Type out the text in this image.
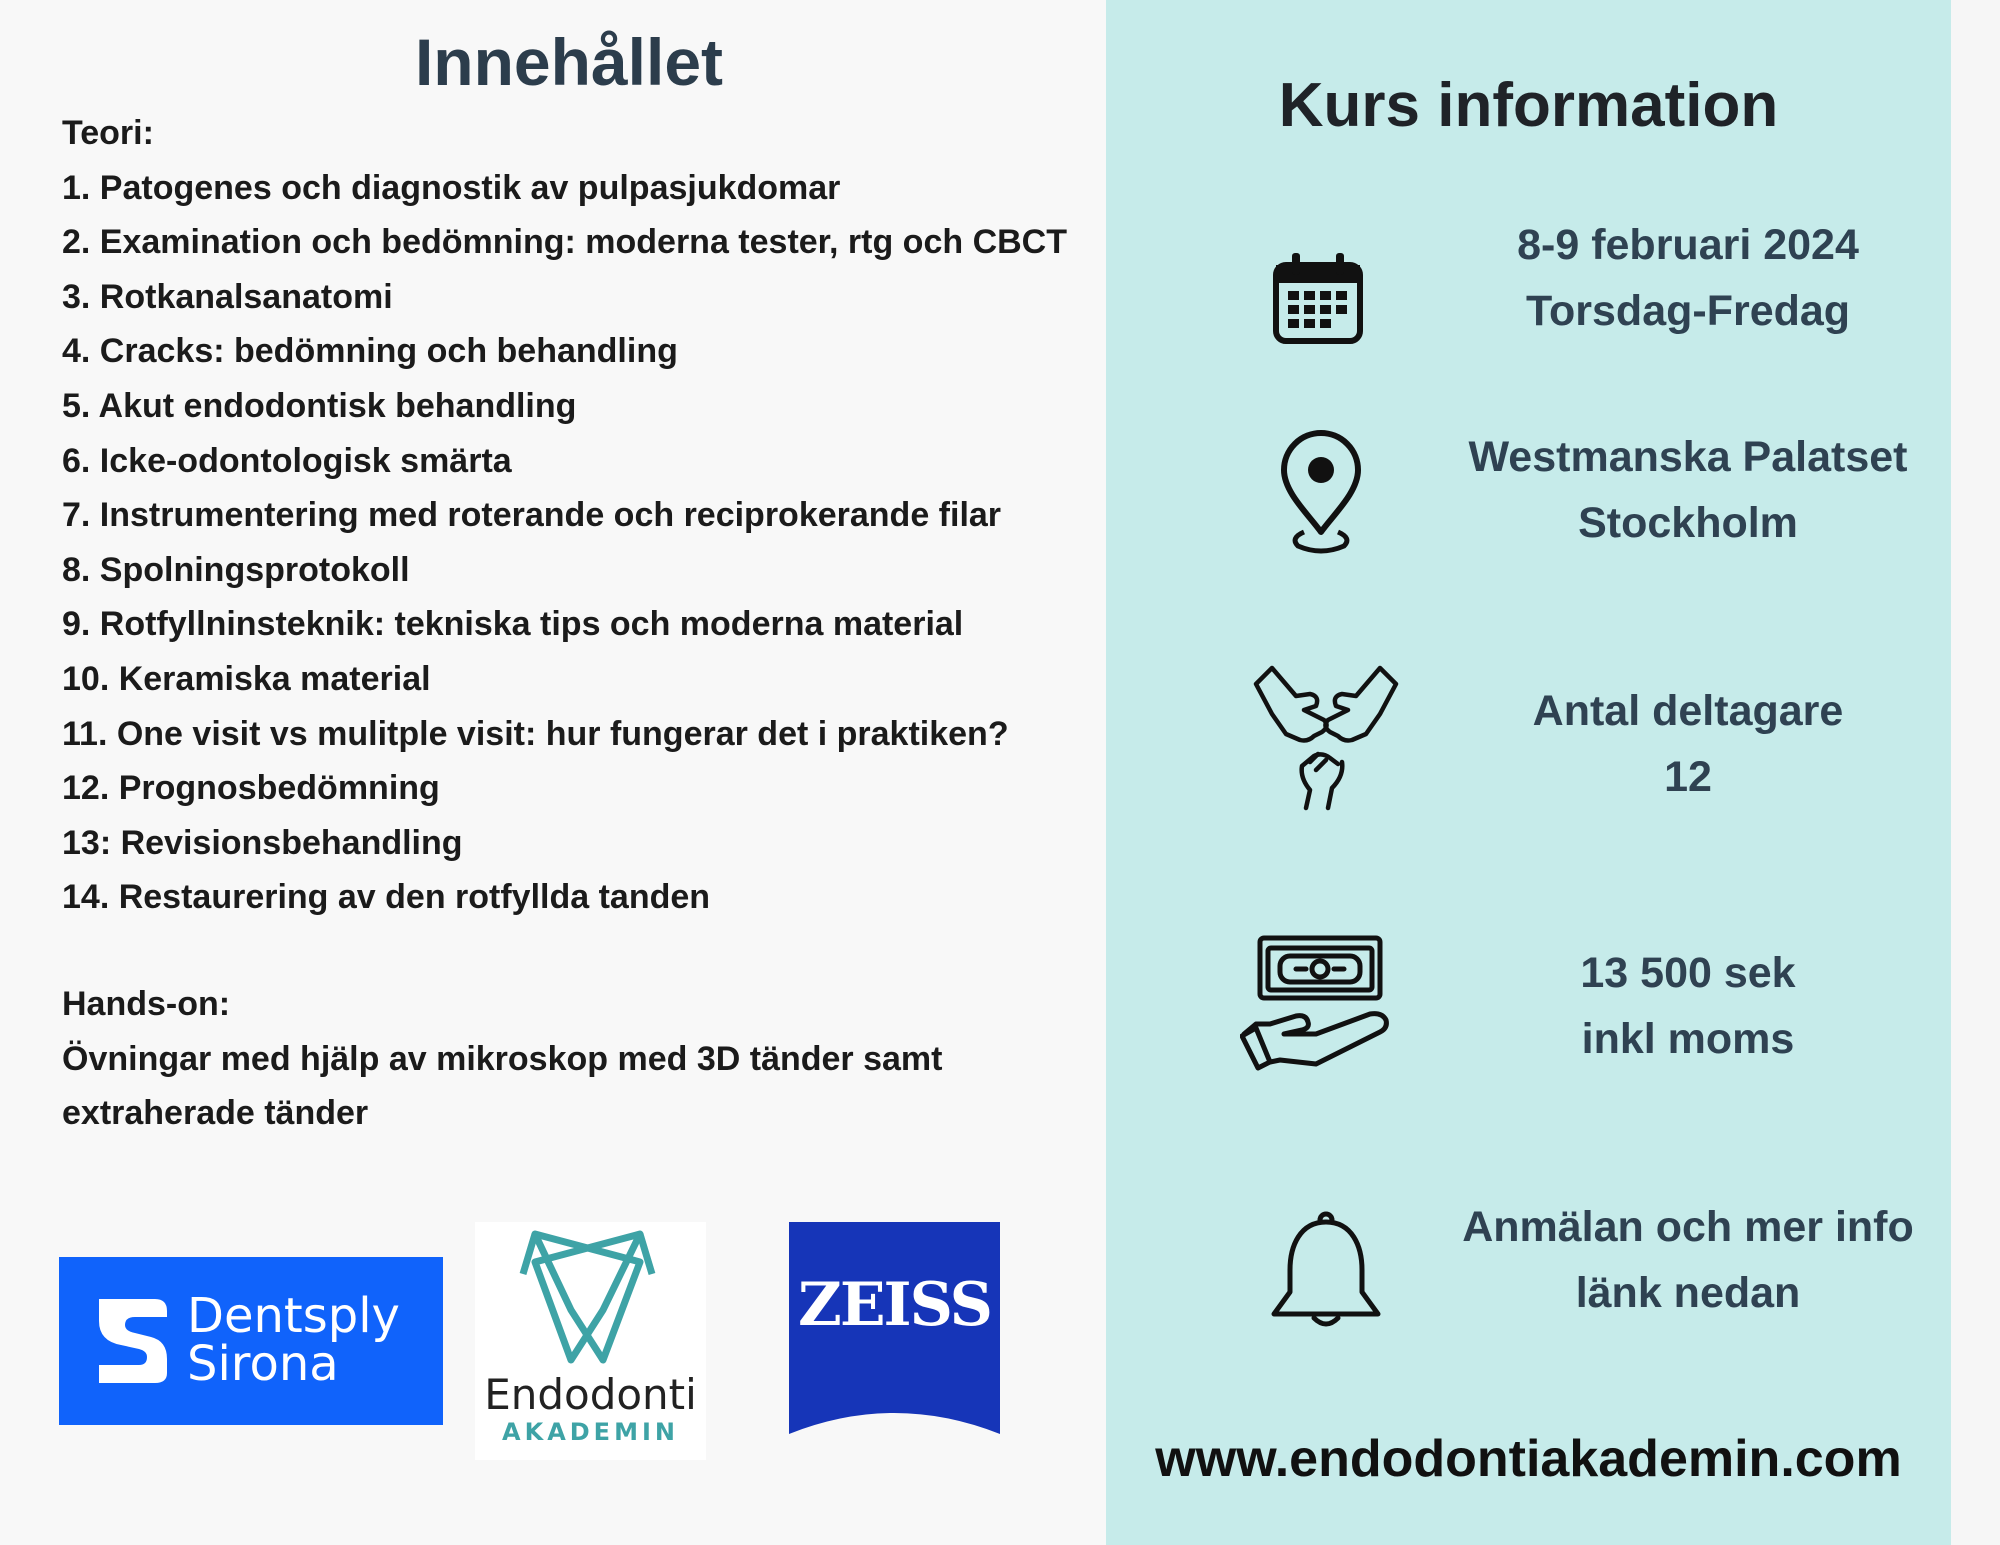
Innehållet
Teori:
1. Patogenes och diagnostik av pulpasjukdomar
2. Examination och bedömning: moderna tester, rtg och CBCT
3. Rotkanalsanatomi
4. Cracks: bedömning och behandling
5. Akut endodontisk behandling
6. Icke-odontologisk smärta
7. Instrumentering med roterande och reciprokerande filar
8. Spolningsprotokoll
9. Rotfyllninsteknik: tekniska tips och moderna material
10. Keramiska material
11. One visit vs mulitple visit: hur fungerar det i praktiken?
12. Prognosbedömning
13: Revisionsbehandling
14. Restaurering av den rotfyllda tanden
Hands-on:
Övningar med hjälp av mikroskop med 3D tänder samt
extraherade tänder
Dentsply
Sirona
Endodonti
AKADEMIN
ZEISS
Kurs information
8-9 februari 2024
Torsdag-Fredag
Westmanska Palatset
Stockholm
Antal deltagare
12
13 500 sek
inkl moms
Anmälan och mer info
länk nedan
www.endodontiakademin.com
